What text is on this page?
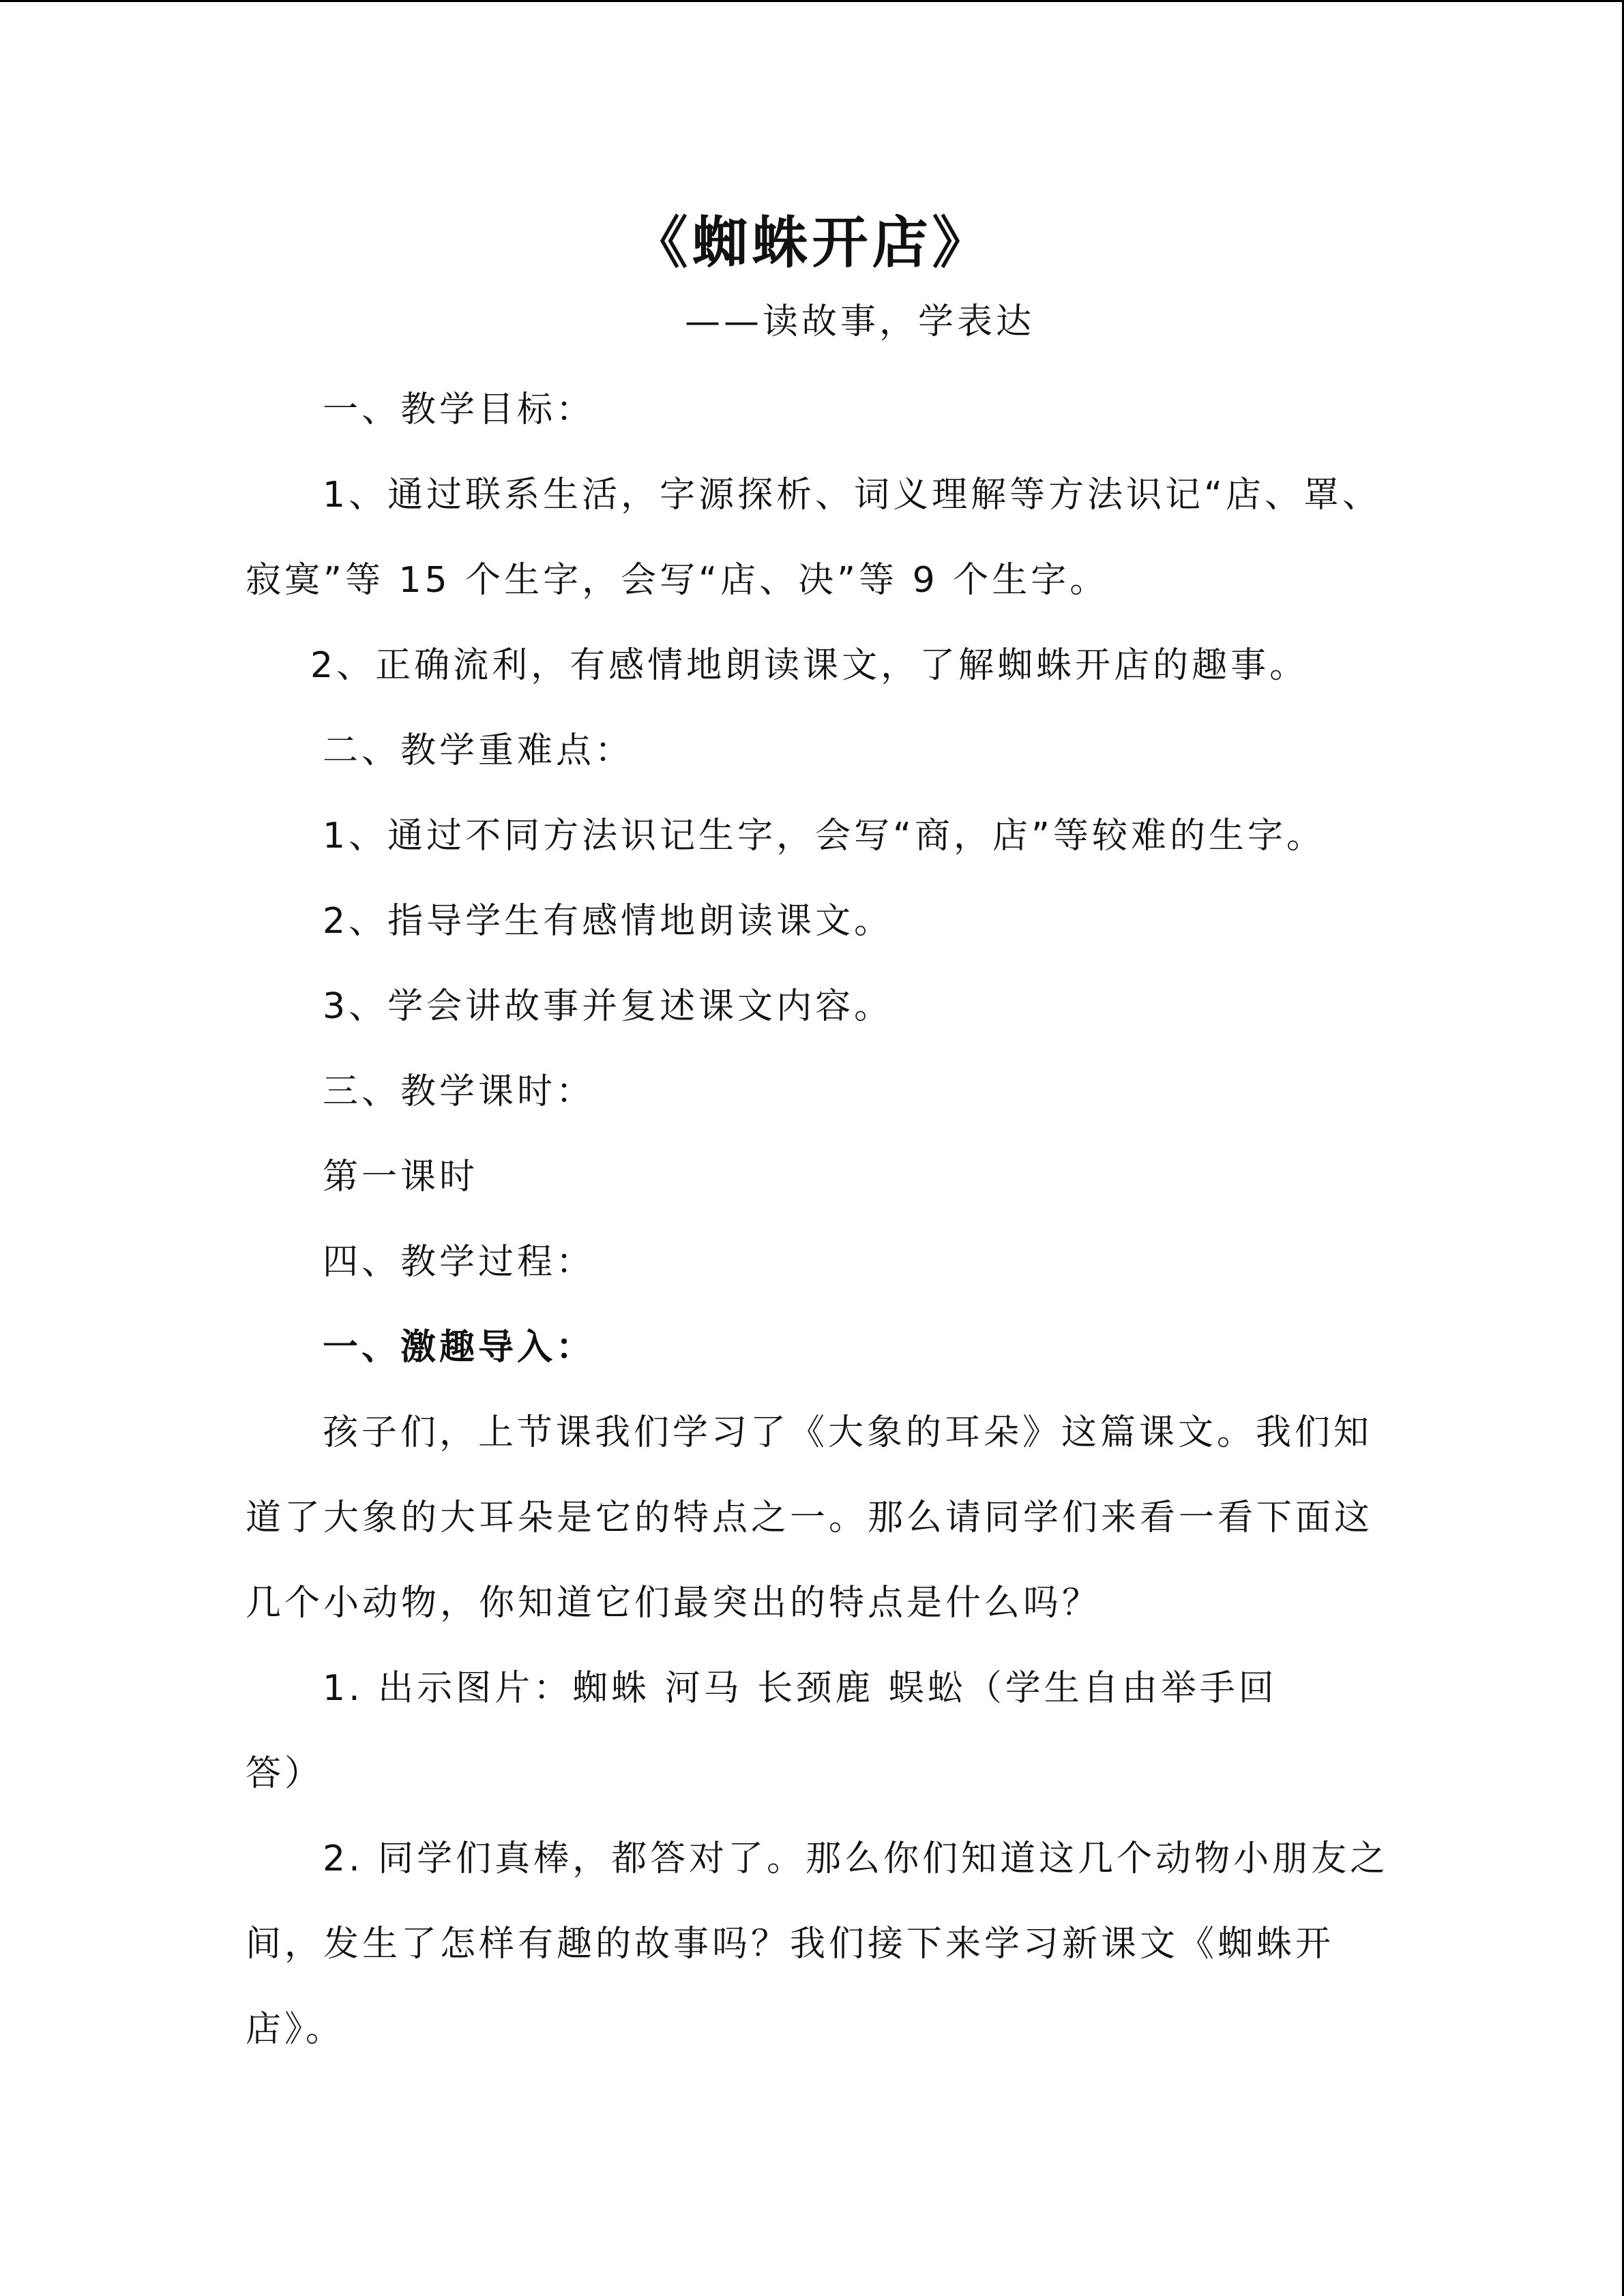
《蜘蛛开店》
——读故事，学表达
一、教学目标：
1、通过联系生活，字源探析、词义理解等方法识记“店、罩、
寂寞”等 15 个生字，会写“店、决”等 9 个生字。
2、正确流利，有感情地朗读课文，了解蜘蛛开店的趣事。
二、教学重难点：
1、通过不同方法识记生字，会写“商，店”等较难的生字。
2、指导学生有感情地朗读课文。
3、学会讲故事并复述课文内容。
三、教学课时：
第一课时
四、教学过程：
一、激趣导入：
孩子们，上节课我们学习了《大象的耳朵》这篇课文。我们知
道了大象的大耳朵是它的特点之一。那么请同学们来看一看下面这
几个小动物，你知道它们最突出的特点是什么吗？
1. 出示图片：蜘蛛 河马 长颈鹿 蜈蚣（学生自由举手回
答）
2. 同学们真棒，都答对了。那么你们知道这几个动物小朋友之
间，发生了怎样有趣的故事吗？我们接下来学习新课文《蜘蛛开
店》。
